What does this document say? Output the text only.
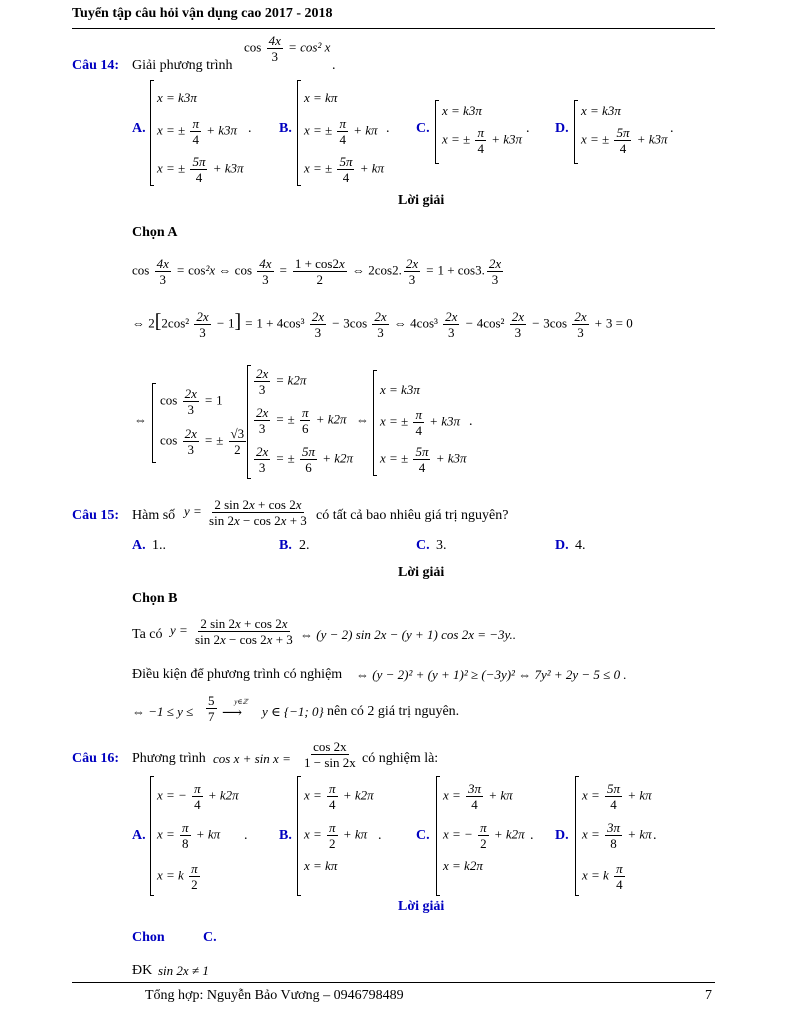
Tuyển tập câu hỏi vận dụng cao 2017 - 2018
Câu 14: Giải phương trình
$\cos \frac{4x}{3} = \cos^2$ x
.
A.
x = k3π
x = ± $\frac{\pi}{4} + k3\pi$
x = ± $\frac{5\pi}{4} + k3\pi$
. B.
x = kπ
x = ± $\frac{\pi}{4} + k\pi$
x = ± $\frac{5\pi}{4} + k\pi$
. C.
x = k3π
x = ± $\frac{\pi}{4} + k3\pi$
. D.
x = k3π
x = ± $\frac{5\pi}{4} + k3\pi$
.
Lời giải
Chọn A
$\cos \frac{4x}{3} = \cos^2x$ ⇔ $\cos \frac{4x}{3} = \frac{1 + \cos 2x}{2}$ ⇔ 2cos2. $\frac{2x}{3} = 1 + \cos 3$. $\frac{2x}{3}$
⇔ $2[2\cos^2 \frac{2x}{3} - 1] = 1 + 4\cos^3 \frac{2x}{3} - 3\cos \frac{2x}{3}$ ⇔ $4\cos^3 \frac{2x}{3} - 4\cos^2 \frac{2x}{3} - 3\cos \frac{2x}{3} + 3 = 0$
⇔
$\cos \frac{2x}{3} = 1$
$\cos \frac{2x}{3}$ = ± $\frac{√3}{2}$
$\frac{2x}{3} = k2\pi$
$\frac{2x}{3}$ = ± $\frac{\pi}{6} + k2\pi$
$\frac{2x}{3}$ = ± $\frac{5\pi}{6} + k2\pi$
⇔
x = k3π
x = ± $\frac{\pi}{4} + k3\pi$
x = ± $\frac{5\pi}{4} + k3\pi$
.
Câu 15: Hàm số $y = \frac{2 \sin 2x + \cos 2x}{\sin 2x - \cos 2x + 3}$ có tất cả bao nhiêu giá trị nguyên?
A. 1..	B. 2.	C. 3.	D. 4.
Lời giải
Chọn B
Ta có $y = \frac{2 \sin 2x + \cos 2x}{\sin 2x - \cos 2x + 3}$ ⇔ (y − 2) sin 2x − (y + 1) cos 2x = −3y..
Điều kiện để phương trình có nghiệm ⇔ (y − 2)² + (y + 1)² ≥ (−3y)² ⇔ 7y² + 2y − 5 ≤ 0 .
⇔ $-1 \le y \le \frac{5}{7}$	y∈ℤ
⟶ y ∈ {−1; 0} nên có 2 giá trị nguyên.
Câu 16: Phương trình $\cos x + \sin x = \frac{\cos 2x}{1 - \sin 2x}$ có nghiệm là:
A.
x = − $\frac{\pi}{4} + k2\pi$
$x = \frac{\pi}{8} + k\pi$
x = k $\frac{\pi}{2}$
. B.
$x = \frac{\pi}{4} + k2\pi$
$x = \frac{\pi}{2} + k\pi$
x = kπ
. C.
$x = \frac{3\pi}{4} + k\pi$
x = − $\frac{\pi}{2} + k2\pi$
x = k2π
. D.
$x = \frac{5\pi}{4} + k\pi$
$x = \frac{3\pi}{8} + k\pi$
x = k $\frac{\pi}{4}$
.
Lời giải
Chon	C.
ĐK sin 2x ≠ 1
Tổng hợp: Nguyễn Bảo Vương – 0946798489	7
